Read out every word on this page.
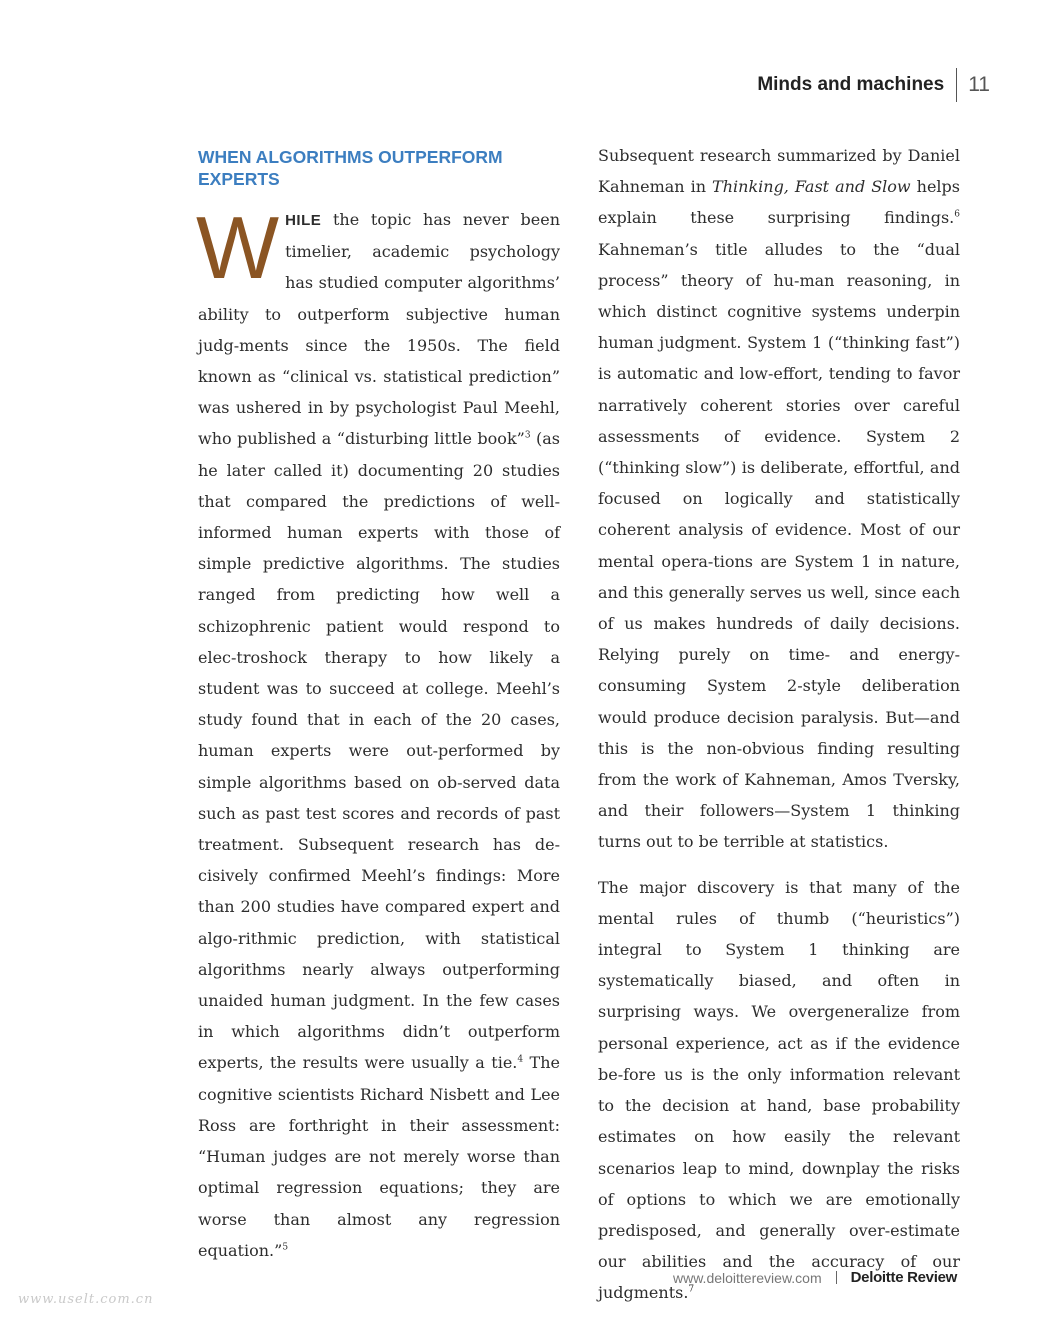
Minds and machines	11
WHEN ALGORITHMS OUTPERFORM EXPERTS

WHILE the topic has never been timelier, academic psychology has studied computer algorithms’ ability to outperform subjective human judg-ments since the 1950s. The field known as “clinical vs. statistical prediction” was ushered in by psychologist Paul Meehl, who published a “disturbing little book”$^3$ (as he later called it) documenting 20 studies that compared the predictions of well-informed human experts with those of simple predictive algorithms. The studies ranged from predicting how well a schizophrenic patient would respond to elec-troshock therapy to how likely a student was to succeed at college. Meehl’s study found that in each of the 20 cases, human experts were out-performed by simple algorithms based on ob-served data such as past test scores and records of past treatment. Subsequent research has de-cisively confirmed Meehl’s findings: More than 200 studies have compared expert and algo-rithmic prediction, with statistical algorithms nearly always outperforming unaided human judgment. In the few cases in which algorithms didn’t outperform experts, the results were usually a tie.$^4$ The cognitive scientists Richard Nisbett and Lee Ross are forthright in their assessment: “Human judges are not merely worse than optimal regression equations; they are worse than almost any regression equation.”$^5$

Subsequent research summarized by Daniel Kahneman in Thinking, Fast and Slow helps explain these surprising findings.$^6$ Kahneman’s title alludes to the “dual process” theory of hu-man reasoning, in which distinct cognitive systems underpin human judgment. System 1 (“thinking fast”) is automatic and low-effort, tending to favor narratively coherent stories over careful assessments of evidence. System 2 (“thinking slow”) is deliberate, effortful, and focused on logically and statistically coherent analysis of evidence. Most of our mental opera-tions are System 1 in nature, and this generally serves us well, since each of us makes hundreds of daily decisions. Relying purely on time- and energy-consuming System 2-style deliberation would produce decision paralysis. But—and this is the non-obvious finding resulting from the work of Kahneman, Amos Tversky, and their followers—System 1 thinking turns out to be terrible at statistics.

The major discovery is that many of the mental rules of thumb (“heuristics”) integral to System 1 thinking are systematically biased, and often in surprising ways. We overgeneralize from personal experience, act as if the evidence be-fore us is the only information relevant to the decision at hand, base probability estimates on how easily the relevant scenarios leap to mind, downplay the risks of options to which we are emotionally predisposed, and generally over-estimate our abilities and the accuracy of our judgments.$^7$

www.deloittereview.com Deloitte Review
www.uselt.com.cn
